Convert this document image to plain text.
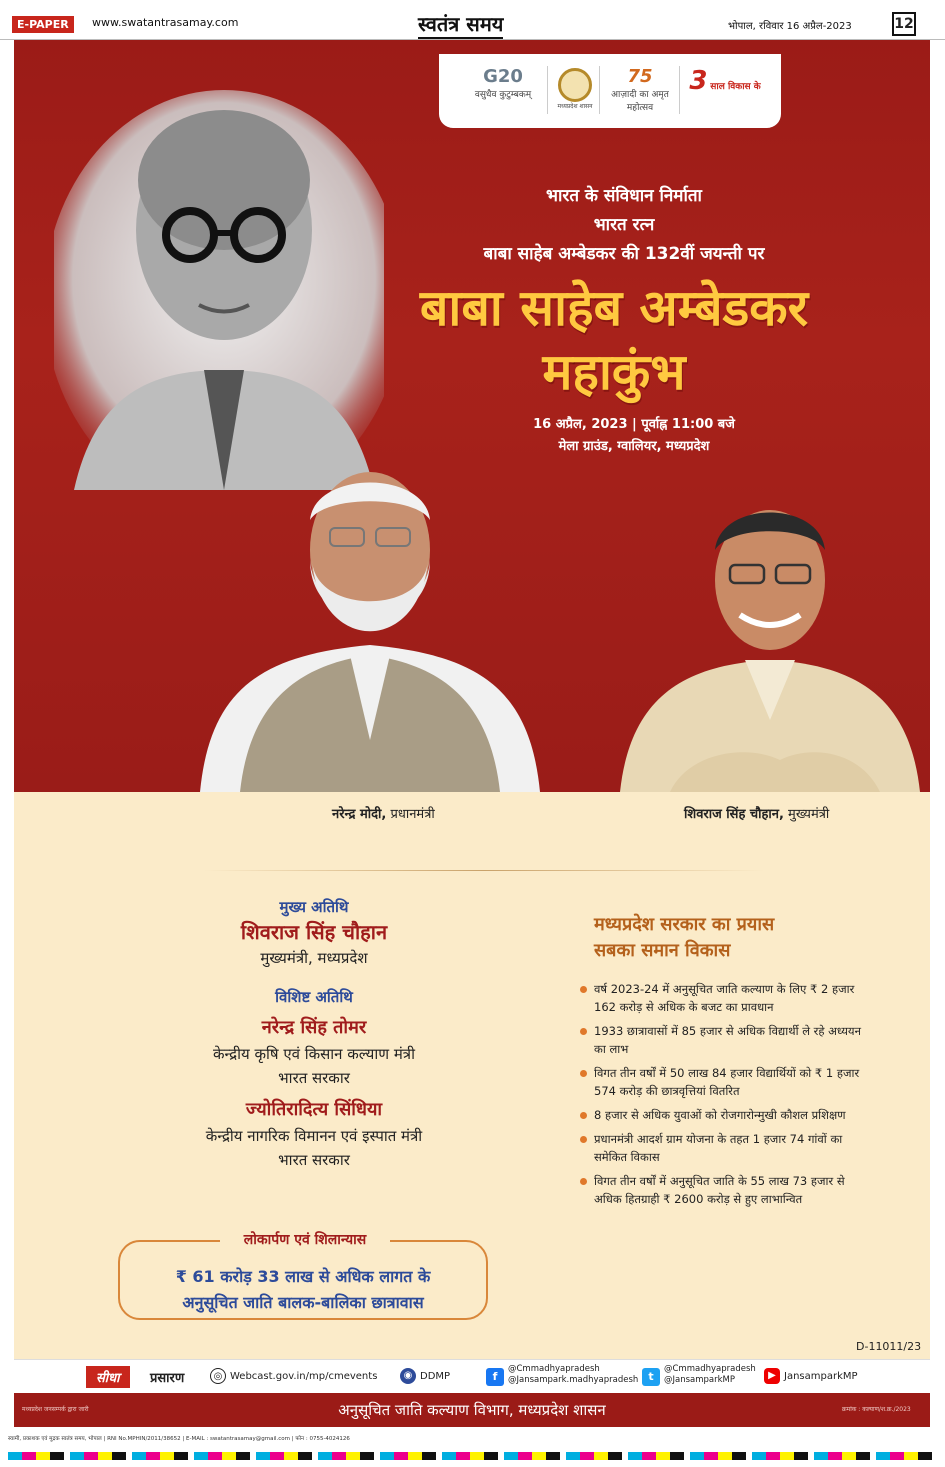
E-PAPER	www.swatantrasamay.com	स्वतंत्र समय	भोपाल, रविवार 16 अप्रैल-2023	12
G20
वसुधैव कुटुम्बकम्
मध्यप्रदेश शासन
75
आज़ादी का अमृत महोत्सव
3 साल विकास के
भारत के संविधान निर्माता
भारत रत्न
बाबा साहेब अम्बेडकर की 132वीं जयन्ती पर
बाबा साहेब अम्बेडकर
महाकुंभ
16 अप्रैल, 2023 | पूर्वाह्न 11:00 बजे
मेला ग्राउंड, ग्वालियर, मध्यप्रदेश
नरेन्द्र मोदी, प्रधानमंत्री	शिवराज सिंह चौहान, मुख्यमंत्री
मुख्य अतिथि
शिवराज सिंह चौहान
मुख्यमंत्री, मध्यप्रदेश
विशिष्ट अतिथि
नरेन्द्र सिंह तोमर
केन्द्रीय कृषि एवं किसान कल्याण मंत्री
भारत सरकार
ज्योतिरादित्य सिंधिया
केन्द्रीय नागरिक विमानन एवं इस्पात मंत्री
भारत सरकार
लोकार्पण एवं शिलान्यास
₹ 61 करोड़ 33 लाख से अधिक लागत के
अनुसूचित जाति बालक-बालिका छात्रावास
मध्यप्रदेश सरकार का प्रयास
सबका समान विकास
वर्ष 2023-24 में अनुसूचित जाति कल्याण के लिए ₹ 2 हजार 162 करोड़ से अधिक के बजट का प्रावधान
1933 छात्रावासों में 85 हजार से अधिक विद्यार्थी ले रहे अध्ययन का लाभ
विगत तीन वर्षों में 50 लाख 84 हजार विद्यार्थियों को ₹ 1 हजार 574 करोड़ की छात्रवृत्तियां वितरित
8 हजार से अधिक युवाओं को रोजगारोन्मुखी कौशल प्रशिक्षण
प्रधानमंत्री आदर्श ग्राम योजना के तहत 1 हजार 74 गांवों का समेकित विकास
विगत तीन वर्षों में अनुसूचित जाति के 55 लाख 73 हजार से अधिक हितग्राही ₹ 2600 करोड़ से हुए लाभान्वित
D-11011/23
सीधा	प्रसारण	◎ Webcast.gov.in/mp/cmevents	◉ DDMP	f
@Cmmadhyapradesh
@Jansampark.madhyapradesh t
@Cmmadhyapradesh
@JansamparkMP	▶ JansamparkMP
मध्यप्रदेश जनसम्पर्क द्वारा जारी	अनुसूचित जाति कल्याण विभाग, मध्यप्रदेश शासन	क्रमांक : कल्याण/श.क्र./2023
स्वामी, प्रकाशक एवं मुद्रक स्वतंत्र समय, भोपाल | RNI No.MPHIN/2011/38652 | E-MAIL : swatantrasamay@gmail.com | फोन : 0755-4024126
